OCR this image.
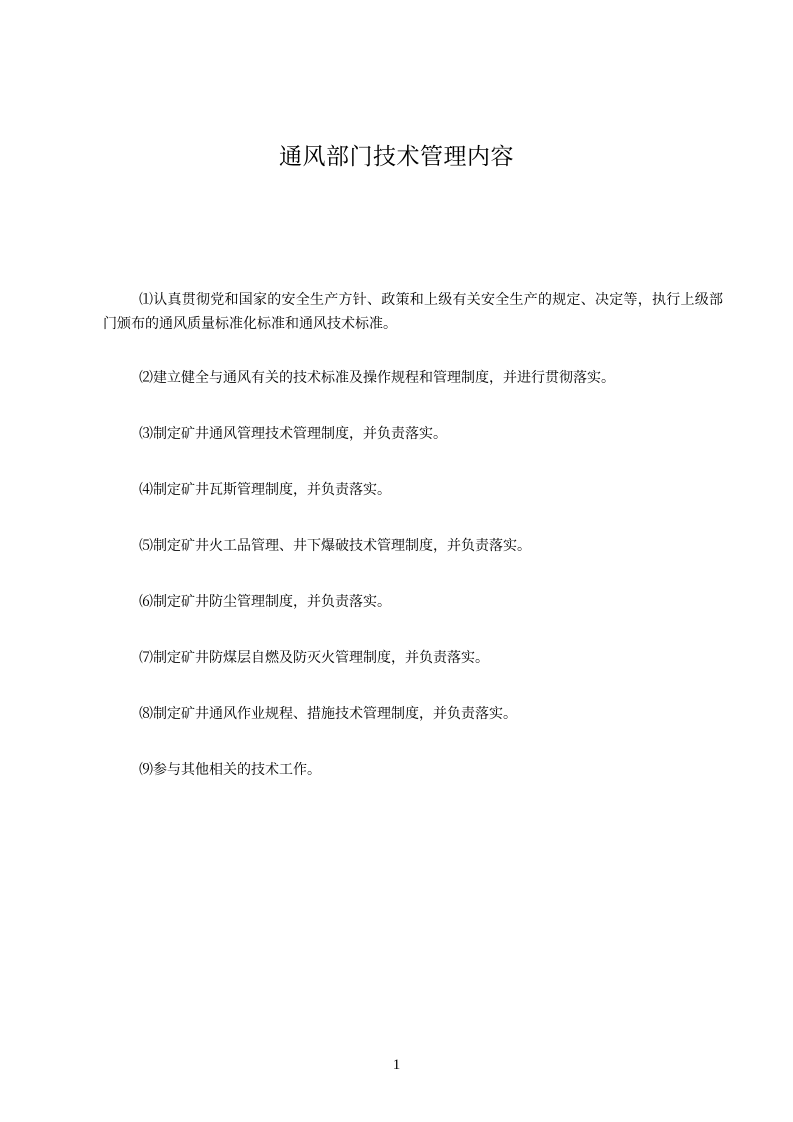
通风部门技术管理内容

⑴认真贯彻党和国家的安全生产方针、政策和上级有关安全生产的规定、决定等，执行上级部门颁布的通风质量标准化标准和通风技术标准。

⑵建立健全与通风有关的技术标准及操作规程和管理制度，并进行贯彻落实。

⑶制定矿井通风管理技术管理制度，并负责落实。

⑷制定矿井瓦斯管理制度，并负责落实。

⑸制定矿井火工品管理、井下爆破技术管理制度，并负责落实。

⑹制定矿井防尘管理制度，并负责落实。

⑺制定矿井防煤层自燃及防灭火管理制度，并负责落实。

⑻制定矿井通风作业规程、措施技术管理制度，并负责落实。

⑼参与其他相关的技术工作。

1
